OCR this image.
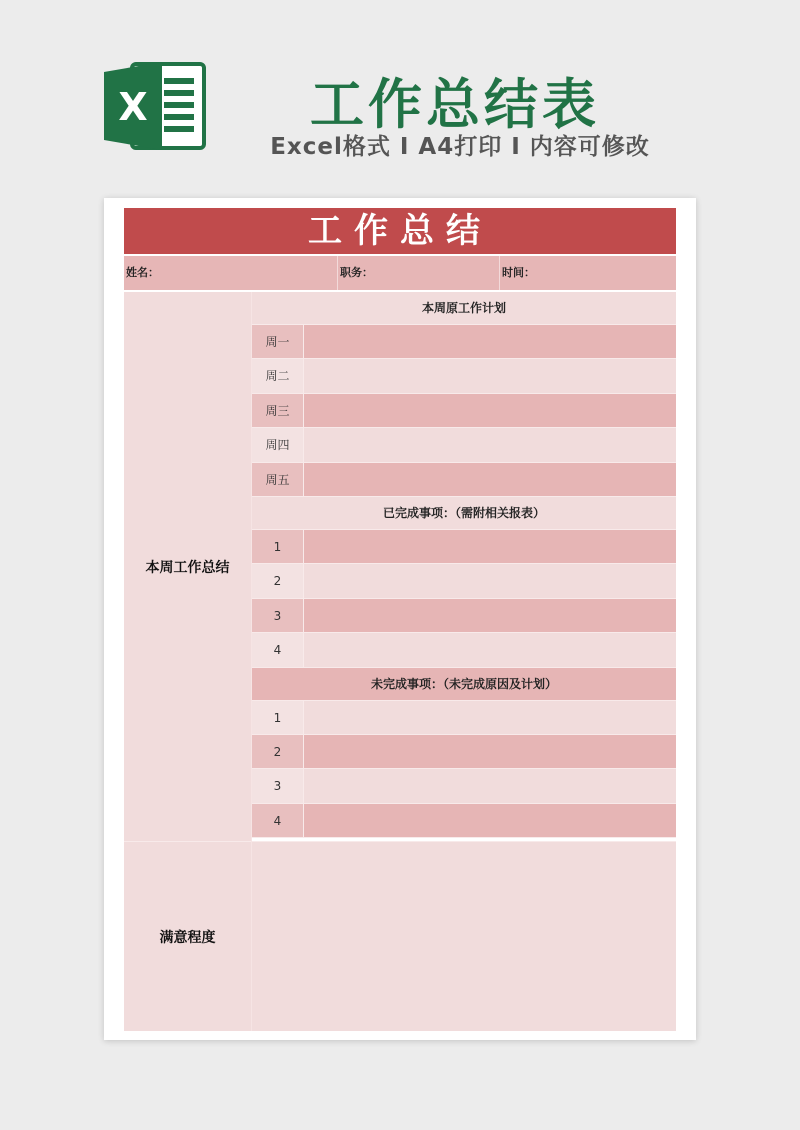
X	工作总结表
Excel格式 I A4打印 I 内容可修改
工作总结
姓名：	职务：	时间：
本周工作总结
本周原工作计划
周一
周二
周三
周四
周五
已完成事项：（需附相关报表）
1
2
3
4
未完成事项：（未完成原因及计划）
1
2
3
4
满意程度
